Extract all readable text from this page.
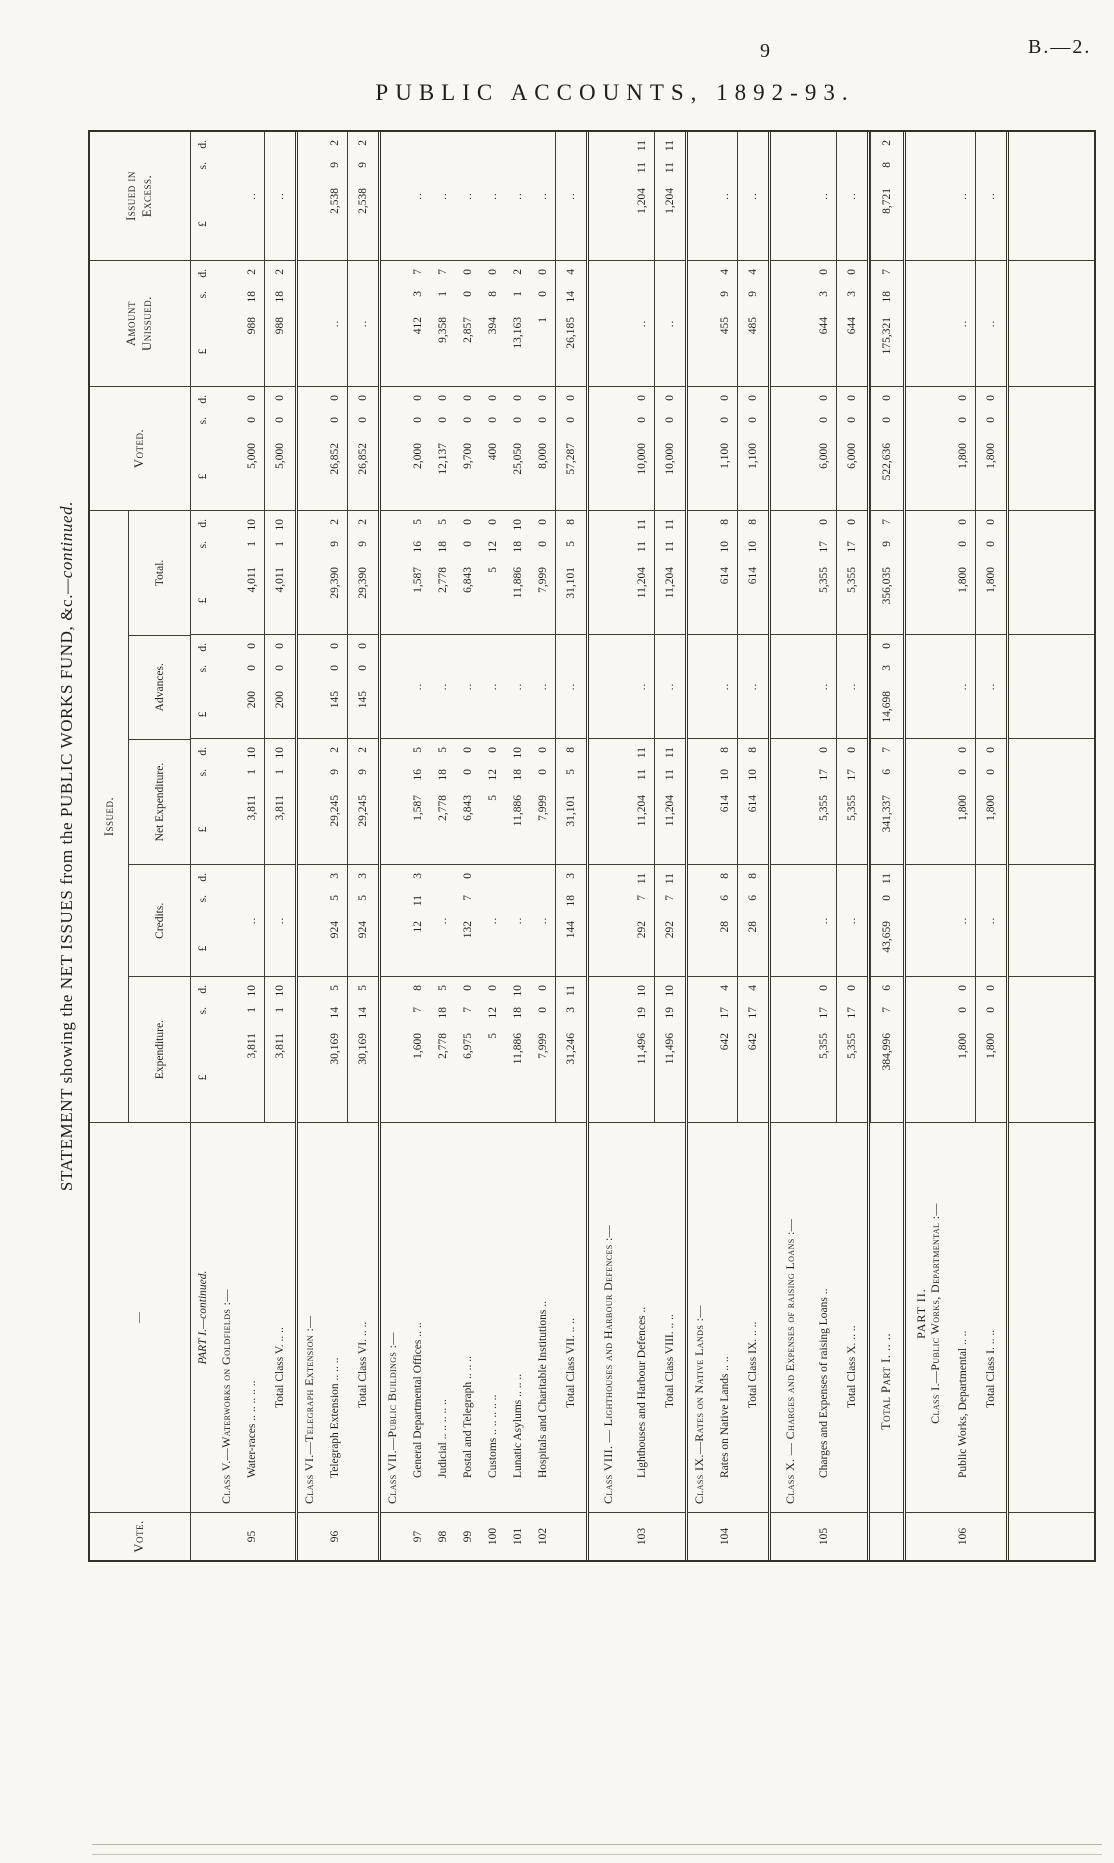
9	B.—2.
PUBLIC ACCOUNTS, 1892-93.
STATEMENT showing the NET ISSUES from the PUBLIC WORKS FUND, &c.—continued.
Vote.
—
Issued.
Expenditure.
Credits.
Net Expenditure.
Advances.
Total.
Voted.
Amount Unissued.
Issued in Excess.
PART I.—continued.
£
s.
d.
£
s.
d.
£
s.
d.
£
s.
d.
£
s.
d.
£
s.
d.
£
s.
d.
£
s.
d.
Class V.—Waterworks on Goldfields :—
95
Water-races .. .. .. .. ..
3,811
1
10
..
3,811
1
10
200
0
0
4,011
1
10
5,000
0
0
988
18
2
..
Total Class V. .. ..
3,811
1
10
..
3,811
1
10
200
0
0
4,011
1
10
5,000
0
0
988
18
2
..
Class VI.—Telegraph Extension :—
96
Telegraph Extension .. .. ..
30,169
14
5
924
5
3
29,245
9
2
145
0
0
29,390
9
2
26,852
0
0
..
2,538
9
2
Total Class VI. .. ..
30,169
14
5
924
5
3
29,245
9
2
145
0
0
29,390
9
2
26,852
0
0
..
2,538
9
2
Class VII.—Public Buildings :—
97
General Departmental Offices .. ..
1,600
7
8
12
11
3
1,587
16
5
..
1,587
16
5
2,000
0
0
412
3
7
..
98
Judicial .. .. .. .. ..
2,778
18
5
..
2,778
18
5
..
2,778
18
5
12,137
0
0
9,358
1
7
..
99
Postal and Telegraph .. .. ..
6,975
7
0
132
7
0
6,843
0
0
..
6,843
0
0
9,700
0
0
2,857
0
0
..
100
Customs .. .. .. .. ..
5
12
0
..
5
12
0
..
5
12
0
400
0
0
394
8
0
..
101
Lunatic Asylums .. .. ..
11,886
18
10
..
11,886
18
10
..
11,886
18
10
25,050
0
0
13,163
1
2
..
102
Hospitals and Charitable Institutions ..
7,999
0
0
..
7,999
0
0
..
7,999
0
0
8,000
0
0
1
0
0
..
Total Class VII. .. ..
31,246
3
11
144
18
3
31,101
5
8
..
31,101
5
8
57,287
0
0
26,185
14
4
..
Class VIII. — Lighthouses and Harbour Defences :—
103
Lighthouses and Harbour Defences ..
11,496
19
10
292
7
11
11,204
11
11
..
11,204
11
11
10,000
0
0
..
1,204
11
11
Total Class VIII. .. ..
11,496
19
10
292
7
11
11,204
11
11
..
11,204
11
11
10,000
0
0
..
1,204
11
11
Class IX.—Rates on Native Lands :—
104
Rates on Native Lands .. ..
642
17
4
28
6
8
614
10
8
..
614
10
8
1,100
0
0
455
9
4
..
Total Class IX. .. ..
642
17
4
28
6
8
614
10
8
..
614
10
8
1,100
0
0
485
9
4
..
Class X. — Charges and Expenses of raising Loans :—
105
Charges and Expenses of raising Loans ..
5,355
17
0
..
5,355
17
0
..
5,355
17
0
6,000
0
0
644
3
0
..
Total Class X. .. ..
5,355
17
0
..
5,355
17
0
..
5,355
17
0
6,000
0
0
644
3
0
..
Total Part I. .. ..
384,996
7
6
43,659
0
11
341,337
6
7
14,698
3
0
356,035
9
7
522,636
0
0
175,321
18
7
8,721
8
2
PART II. Class I.—Public Works, Departmental :—
106
Public Works, Departmental .. ..
1,800
0
0
..
1,800
0
0
..
1,800
0
0
1,800
0
0
..
..
Total Class I. .. ..
1,800
0
0
..
1,800
0
0
..
1,800
0
0
1,800
0
0
..
..
